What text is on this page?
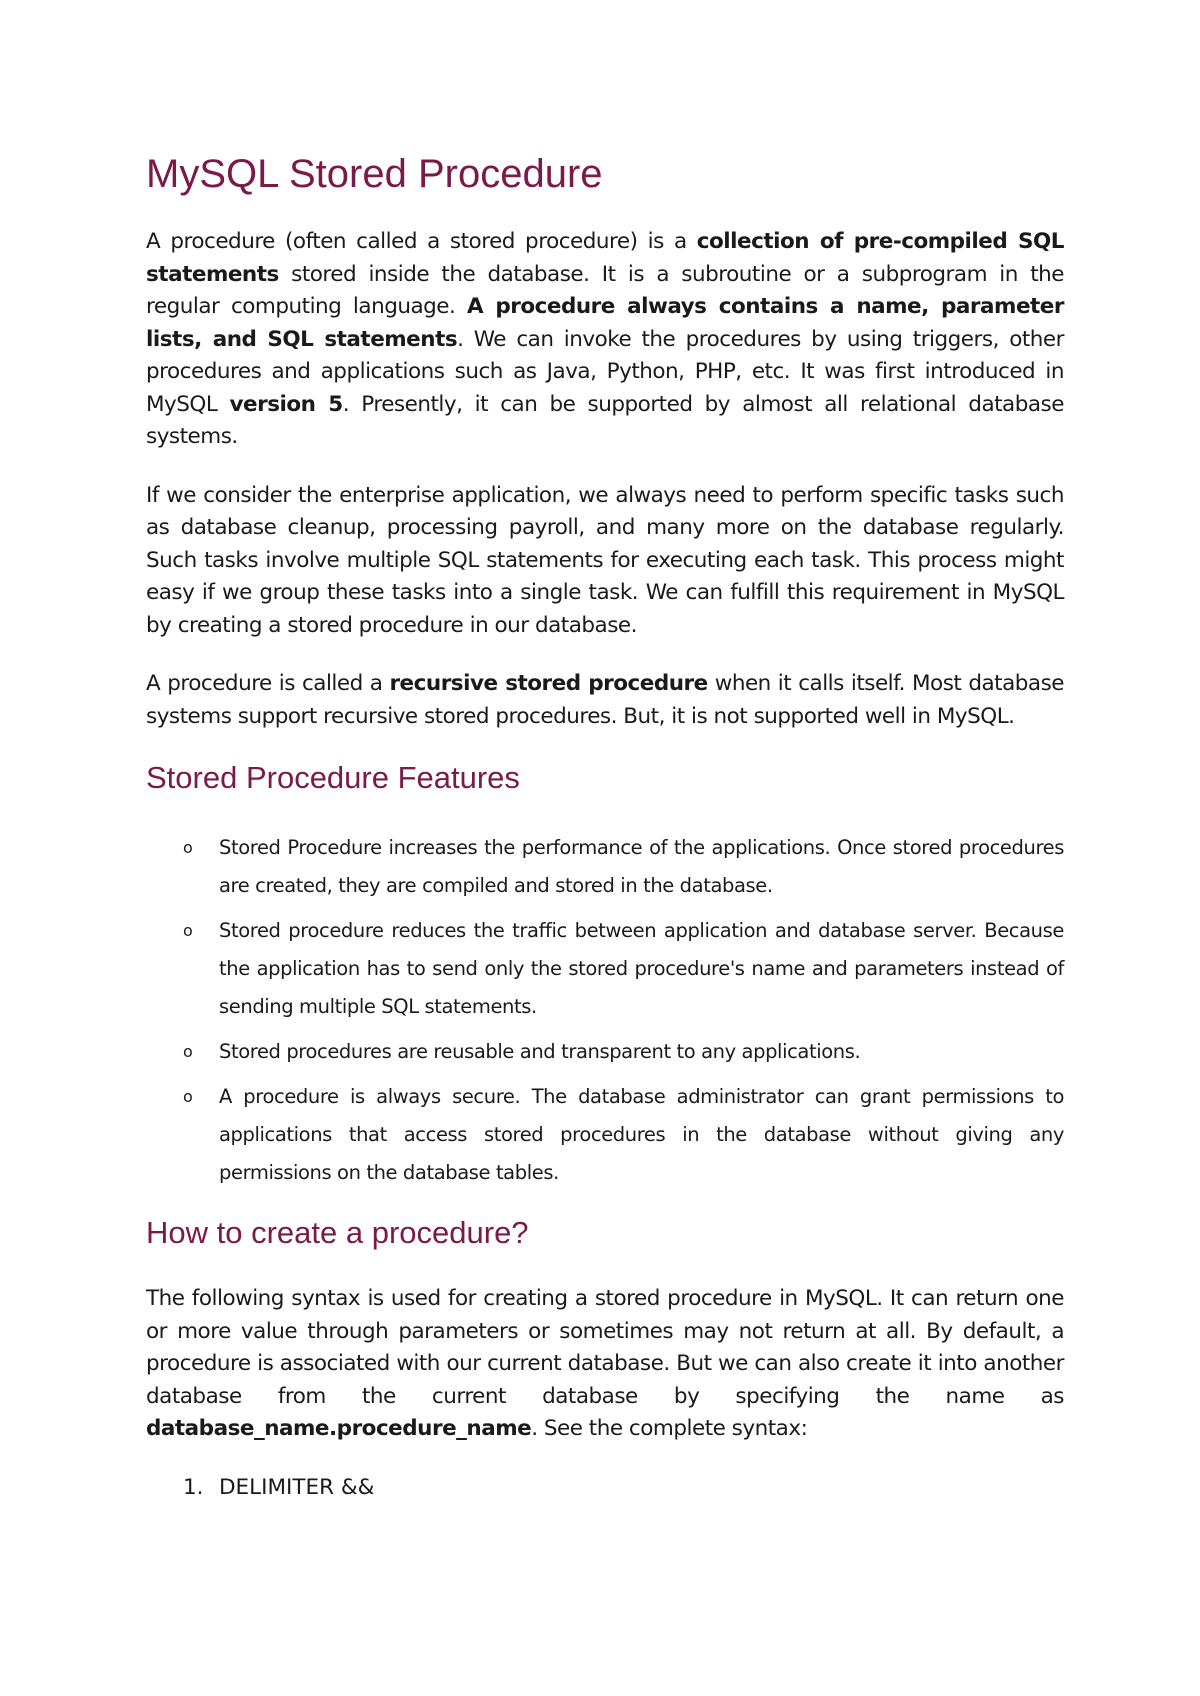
MySQL Stored Procedure

A procedure (often called a stored procedure) is a collection of pre-compiled SQL statements stored inside the database. It is a subroutine or a subprogram in the regular computing language. A procedure always contains a name, parameter lists, and SQL statements. We can invoke the procedures by using triggers, other procedures and applications such as Java, Python, PHP, etc. It was first introduced in MySQL version 5. Presently, it can be supported by almost all relational database systems.

If we consider the enterprise application, we always need to perform specific tasks such as database cleanup, processing payroll, and many more on the database regularly. Such tasks involve multiple SQL statements for executing each task. This process might easy if we group these tasks into a single task. We can fulfill this requirement in MySQL by creating a stored procedure in our database.

A procedure is called a recursive stored procedure when it calls itself. Most database systems support recursive stored procedures. But, it is not supported well in MySQL.

Stored Procedure Features
o Stored Procedure increases the performance of the applications. Once stored procedures are created, they are compiled and stored in the database.
o Stored procedure reduces the traffic between application and database server. Because the application has to send only the stored procedure's name and parameters instead of sending multiple SQL statements.
o Stored procedures are reusable and transparent to any applications.
o A procedure is always secure. The database administrator can grant permissions to applications that access stored procedures in the database without giving any permissions on the database tables.
How to create a procedure?

The following syntax is used for creating a stored procedure in MySQL. It can return one or more value through parameters or sometimes may not return at all. By default, a procedure is associated with our current database. But we can also create it into another database from the current database by specifying the name as database_name.procedure_name. See the complete syntax:

1. DELIMITER &&
